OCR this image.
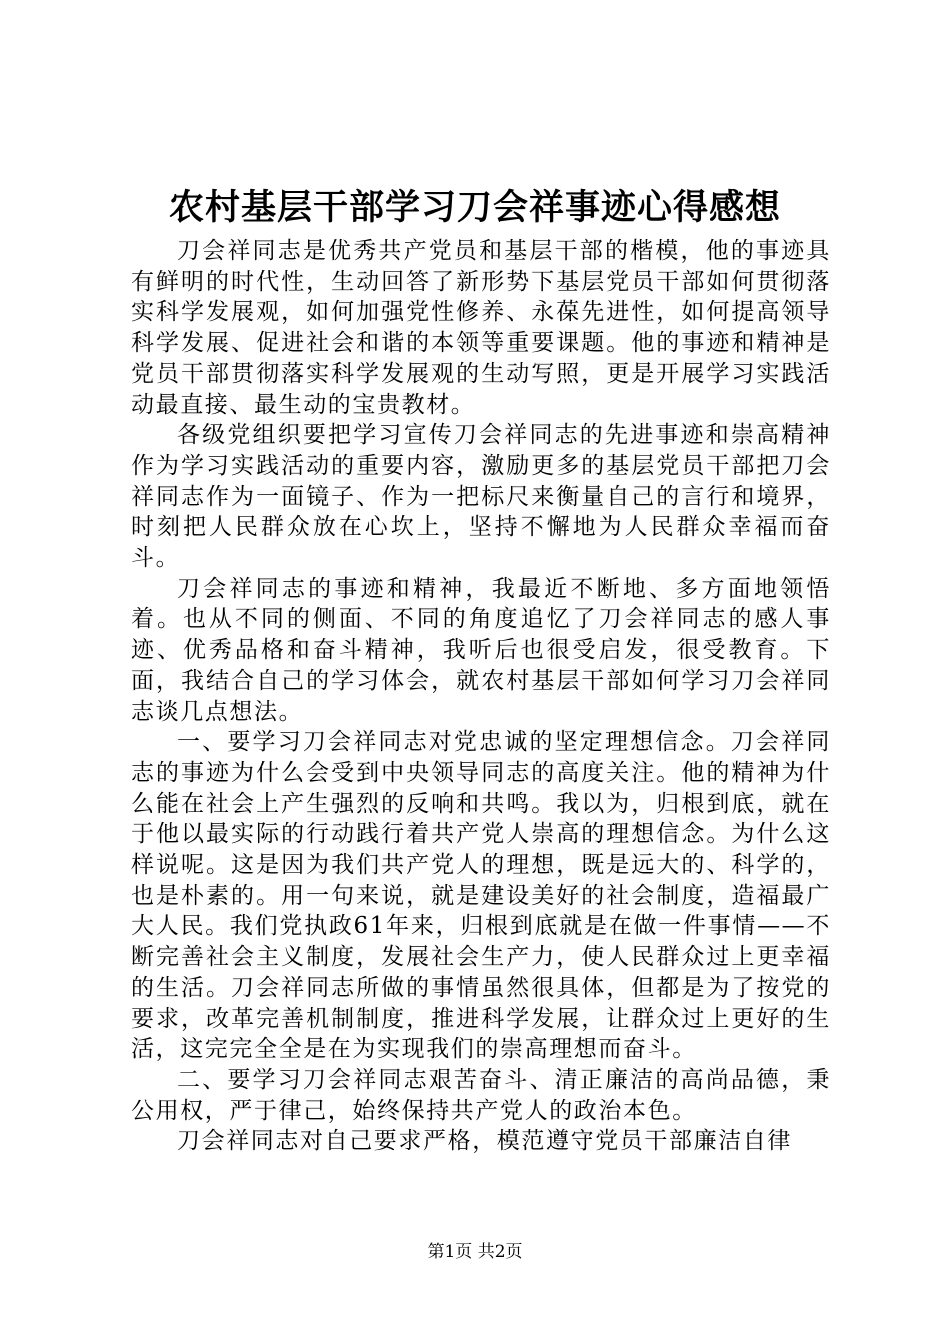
农村基层干部学习刀会祥事迹心得感想

刀会祥同志是优秀共产党员和基层干部的楷模，他的事迹具有鲜明的时代性，生动回答了新形势下基层党员干部如何贯彻落实科学发展观，如何加强党性修养、永葆先进性，如何提高领导科学发展、促进社会和谐的本领等重要课题。他的事迹和精神是党员干部贯彻落实科学发展观的生动写照，更是开展学习实践活动最直接、最生动的宝贵教材。

各级党组织要把学习宣传刀会祥同志的先进事迹和崇高精神作为学习实践活动的重要内容，激励更多的基层党员干部把刀会祥同志作为一面镜子、作为一把标尺来衡量自己的言行和境界，时刻把人民群众放在心坎上，坚持不懈地为人民群众幸福而奋斗。

刀会祥同志的事迹和精神，我最近不断地、多方面地领悟着。也从不同的侧面、不同的角度追忆了刀会祥同志的感人事迹、优秀品格和奋斗精神，我听后也很受启发，很受教育。下面，我结合自己的学习体会，就农村基层干部如何学习刀会祥同志谈几点想法。

一、要学习刀会祥同志对党忠诚的坚定理想信念。刀会祥同志的事迹为什么会受到中央领导同志的高度关注。他的精神为什么能在社会上产生强烈的反响和共鸣。我以为，归根到底，就在于他以最实际的行动践行着共产党人崇高的理想信念。为什么这样说呢。这是因为我们共产党人的理想，既是远大的、科学的，也是朴素的。用一句来说，就是建设美好的社会制度，造福最广大人民。我们党执政61年来，归根到底就是在做一件事情——不断完善社会主义制度，发展社会生产力，使人民群众过上更幸福的生活。刀会祥同志所做的事情虽然很具体，但都是为了按党的要求，改革完善机制制度，推进科学发展，让群众过上更好的生活，这完完全全是在为实现我们的崇高理想而奋斗。

二、要学习刀会祥同志艰苦奋斗、清正廉洁的高尚品德，秉公用权，严于律己，始终保持共产党人的政治本色。

刀会祥同志对自己要求严格，模范遵守党员干部廉洁自律

第1页 共2页
